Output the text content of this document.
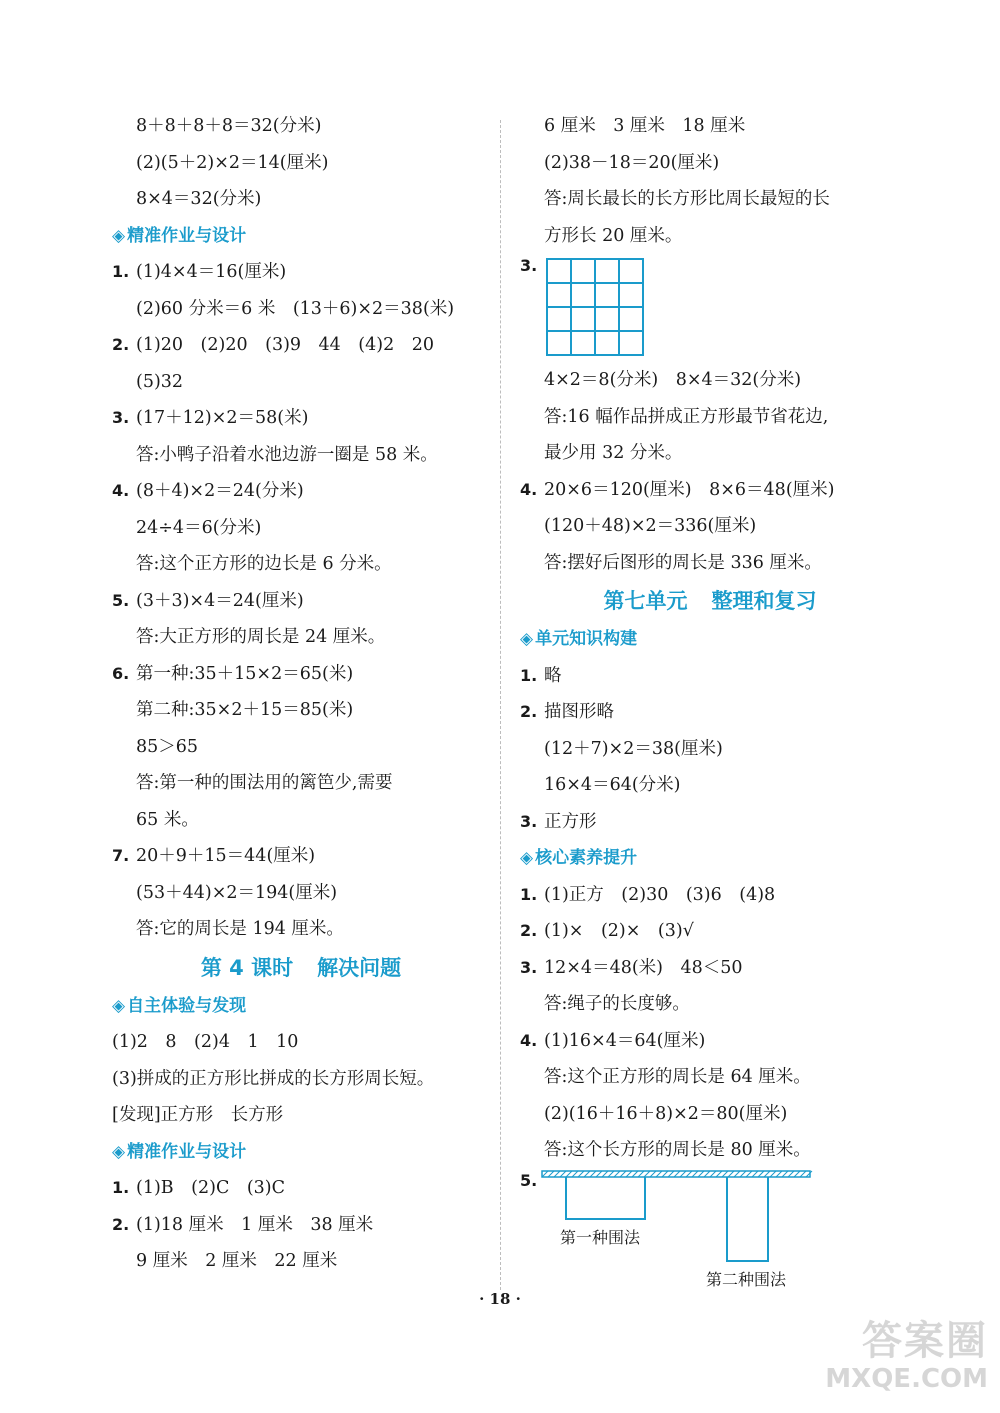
8＋8＋8＋8＝32(分米)
(2)(5＋2)×2＝14(厘米)
8×4＝32(分米)
◈ 精准作业与设计
1. (1)4×4＝16(厘米)
(2)60 分米＝6 米　(13＋6)×2＝38(米)
2. (1)20　(2)20　(3)9　44　(4)2　20
(5)32
3. (17＋12)×2＝58(米)
答:小鸭子沿着水池边游一圈是 58 米。
4. (8＋4)×2＝24(分米)
24÷4＝6(分米)
答:这个正方形的边长是 6 分米。
5. (3＋3)×4＝24(厘米)
答:大正方形的周长是 24 厘米。
6. 第一种:35＋15×2＝65(米)
第二种:35×2＋15＝85(米)
85＞65
答:第一种的围法用的篱笆少,需要
65 米。
7. 20＋9＋15＝44(厘米)
(53＋44)×2＝194(厘米)
答:它的周长是 194 厘米。
第 4 课时 解决问题
◈ 自主体验与发现
(1)2　8　(2)4　1　10
(3)拼成的正方形比拼成的长方形周长短。
[发现]正方形　长方形
◈ 精准作业与设计
1. (1)B　(2)C　(3)C
2. (1)18 厘米　1 厘米　38 厘米
9 厘米　2 厘米　22 厘米
6 厘米　3 厘米　18 厘米
(2)38－18＝20(厘米)
答:周长最长的长方形比周长最短的长
方形长 20 厘米。
3.
4×2＝8(分米)　8×4＝32(分米)
答:16 幅作品拼成正方形最节省花边,
最少用 32 分米。
4. 20×6＝120(厘米)　8×6＝48(厘米)
(120＋48)×2＝336(厘米)
答:摆好后图形的周长是 336 厘米。
第七单元 整理和复习
◈ 单元知识构建
1. 略
2. 描图形略
(12＋7)×2＝38(厘米)
16×4＝64(分米)
3. 正方形
◈ 核心素养提升
1. (1)正方　(2)30　(3)6　(4)8
2. (1)×　(2)×　(3)√
3. 12×4＝48(米)　48＜50
答:绳子的长度够。
4. (1)16×4＝64(厘米)
答:这个正方形的周长是 64 厘米。
(2)(16＋16＋8)×2＝80(厘米)
答:这个长方形的周长是 80 厘米。
5.
第一种围法
第二种围法
· 18 ·
答案圈
MXQE.COM
